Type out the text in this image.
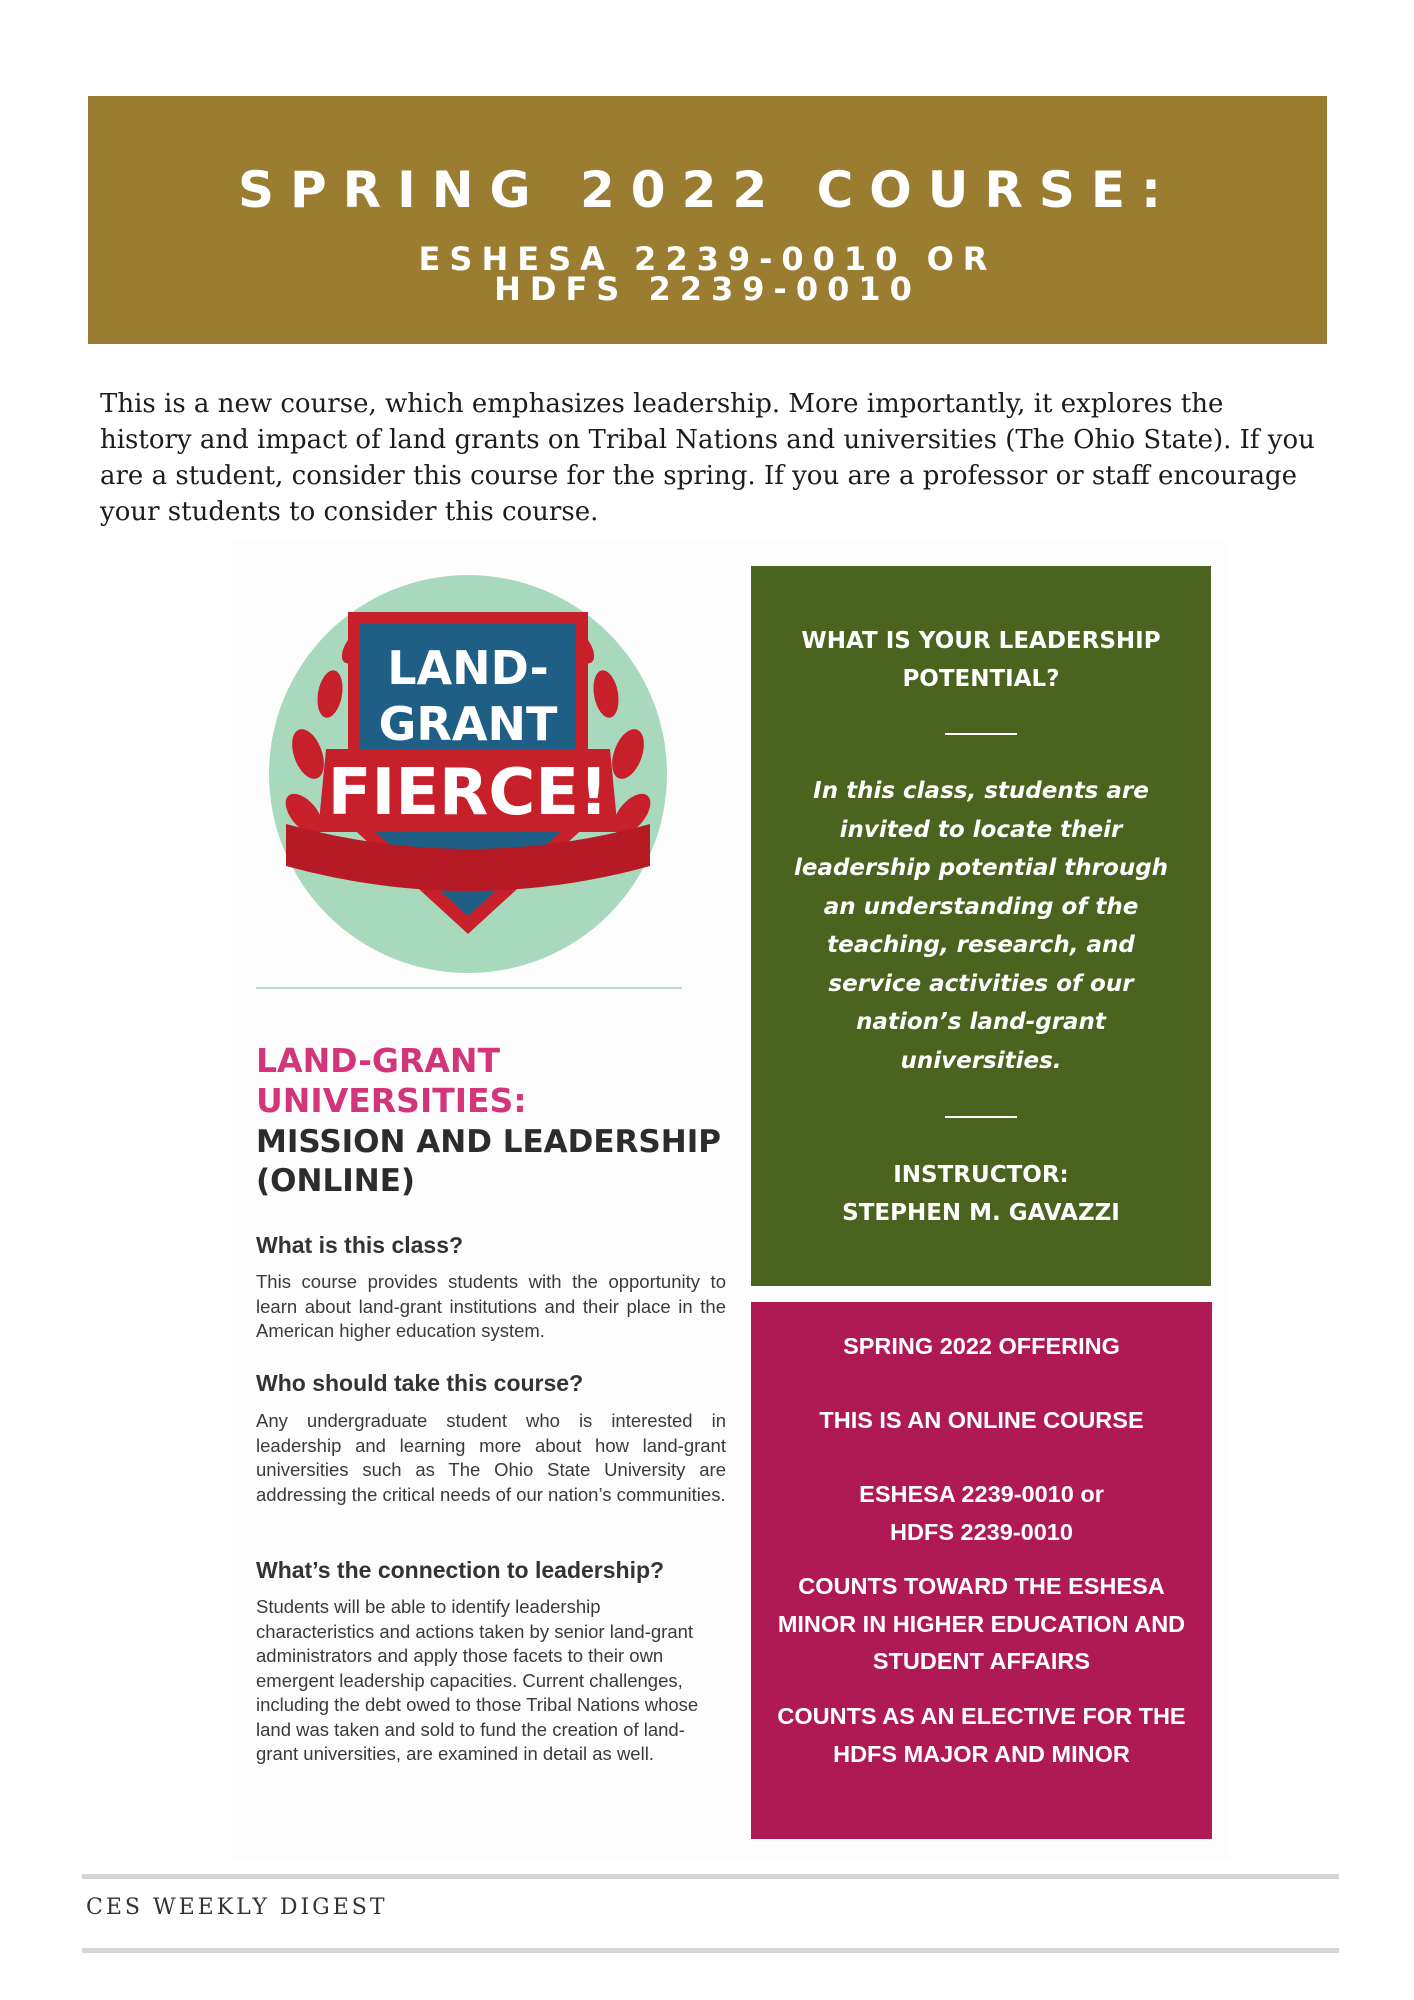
SPRING 2022 COURSE:
ESHESA 2239-0010 OR
HDFS 2239-0010

This is a new course, which emphasizes leadership. More importantly, it explores the history and impact of land grants on Tribal Nations and universities (The Ohio State). If you are a student, consider this course for the spring. If you are a professor or staff encourage your students to consider this course.

LAND-
GRANT
FIERCE!
LAND-GRANT UNIVERSITIES:
MISSION AND LEADERSHIP (ONLINE)
What is this class?
This course provides students with the opportunity to learn about land-grant institutions and their place in the American higher education system.
Who should take this course?
Any undergraduate student who is interested in leadership and learning more about how land-grant universities such as The Ohio State University are addressing the critical needs of our nation’s communities.
What’s the connection to leadership?
Students will be able to identify leadership characteristics and actions taken by senior land-grant administrators and apply those facets to their own emergent leadership capacities. Current challenges, including the debt owed to those Tribal Nations whose land was taken and sold to fund the creation of land-grant universities, are examined in detail as well.
WHAT IS YOUR LEADERSHIP POTENTIAL?
In this class, students are invited to locate their leadership potential through an understanding of the teaching, research, and service activities of our nation’s land-grant universities.
INSTRUCTOR:
STEPHEN M. GAVAZZI
SPRING 2022 OFFERING
THIS IS AN ONLINE COURSE
ESHESA 2239-0010 or
HDFS 2239-0010
COUNTS TOWARD THE ESHESA MINOR IN HIGHER EDUCATION AND STUDENT AFFAIRS
COUNTS AS AN ELECTIVE FOR THE HDFS MAJOR AND MINOR
CES WEEKLY DIGEST
